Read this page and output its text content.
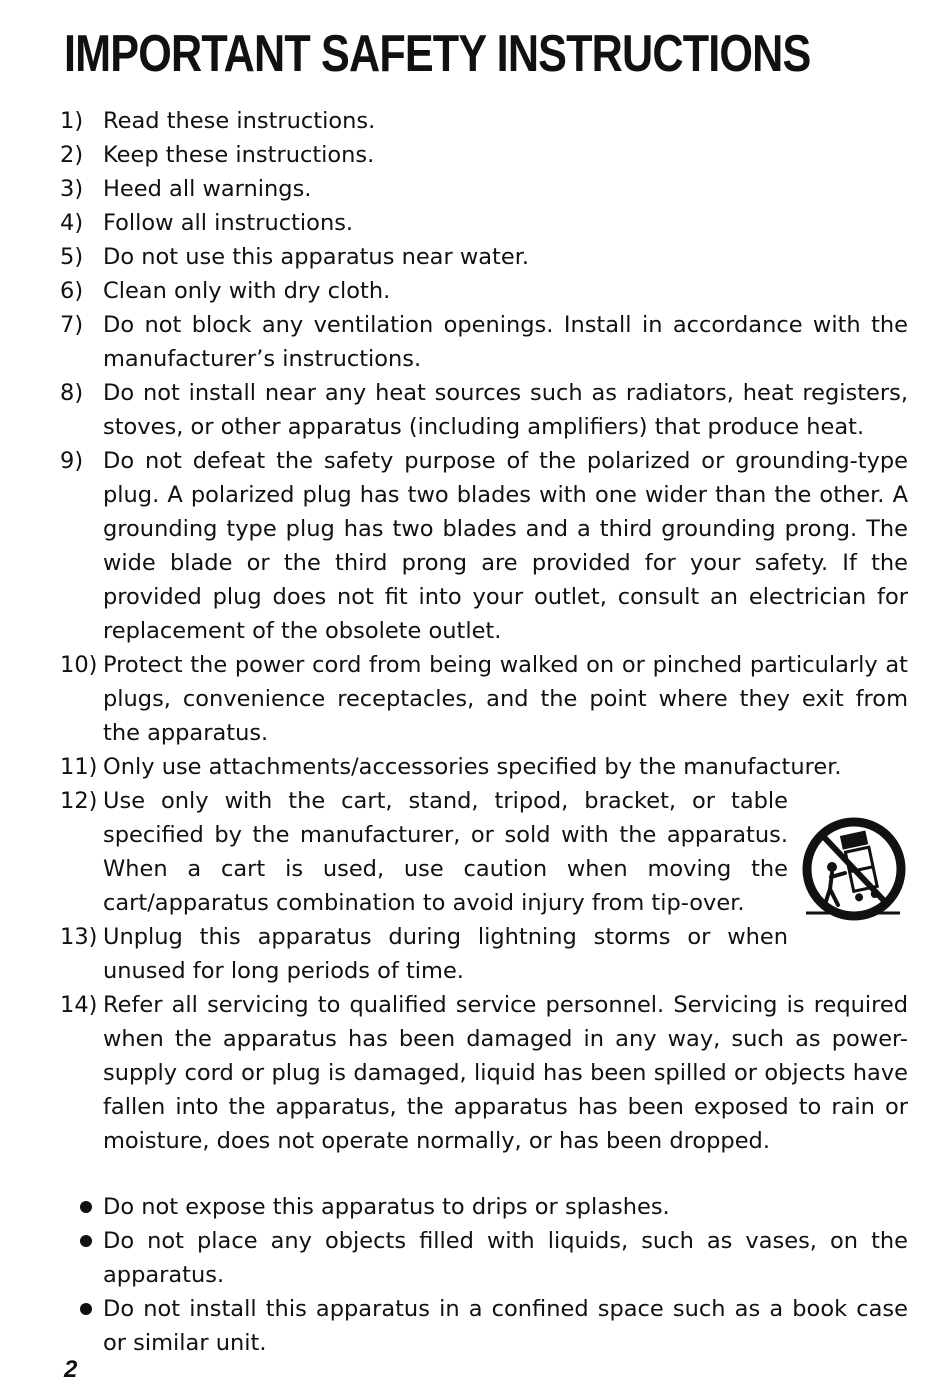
IMPORTANT SAFETY INSTRUCTIONS
1) Read these instructions.
2) Keep these instructions.
3) Heed all warnings.
4) Follow all instructions.
5) Do not use this apparatus near water.
6) Clean only with dry cloth.
7) Do not block any ventilation openings. Install in accordance with the manufacturer’s instructions.
8) Do not install near any heat sources such as radiators, heat registers, stoves, or other apparatus (including amplifiers) that produce heat.
9) Do not defeat the safety purpose of the polarized or grounding-type plug. A polarized plug has two blades with one wider than the other. A grounding type plug has two blades and a third grounding prong. The wide blade or the third prong are provided for your safety. If the provided plug does not fit into your outlet, consult an electrician for replacement of the obsolete outlet.
10) Protect the power cord from being walked on or pinched particularly at plugs, convenience receptacles, and the point where they exit from the apparatus.
11) Only use attachments/accessories specified by the manufacturer.
12) Use only with the cart, stand, tripod, bracket, or table specified by the manufacturer, or sold with the apparatus. When a cart is used, use caution when moving the cart/apparatus combination to avoid injury from tip-over.
13) Unplug this apparatus during lightning storms or when unused for long periods of time.
14) Refer all servicing to qualified service personnel. Servicing is required when the apparatus has been damaged in any way, such as power-supply cord or plug is damaged, liquid has been spilled or objects have fallen into the apparatus, the apparatus has been exposed to rain or moisture, does not operate normally, or has been dropped.
Do not expose this apparatus to drips or splashes.
Do not place any objects filled with liquids, such as vases, on the apparatus.
Do not install this apparatus in a confined space such as a book case or similar unit.
2
